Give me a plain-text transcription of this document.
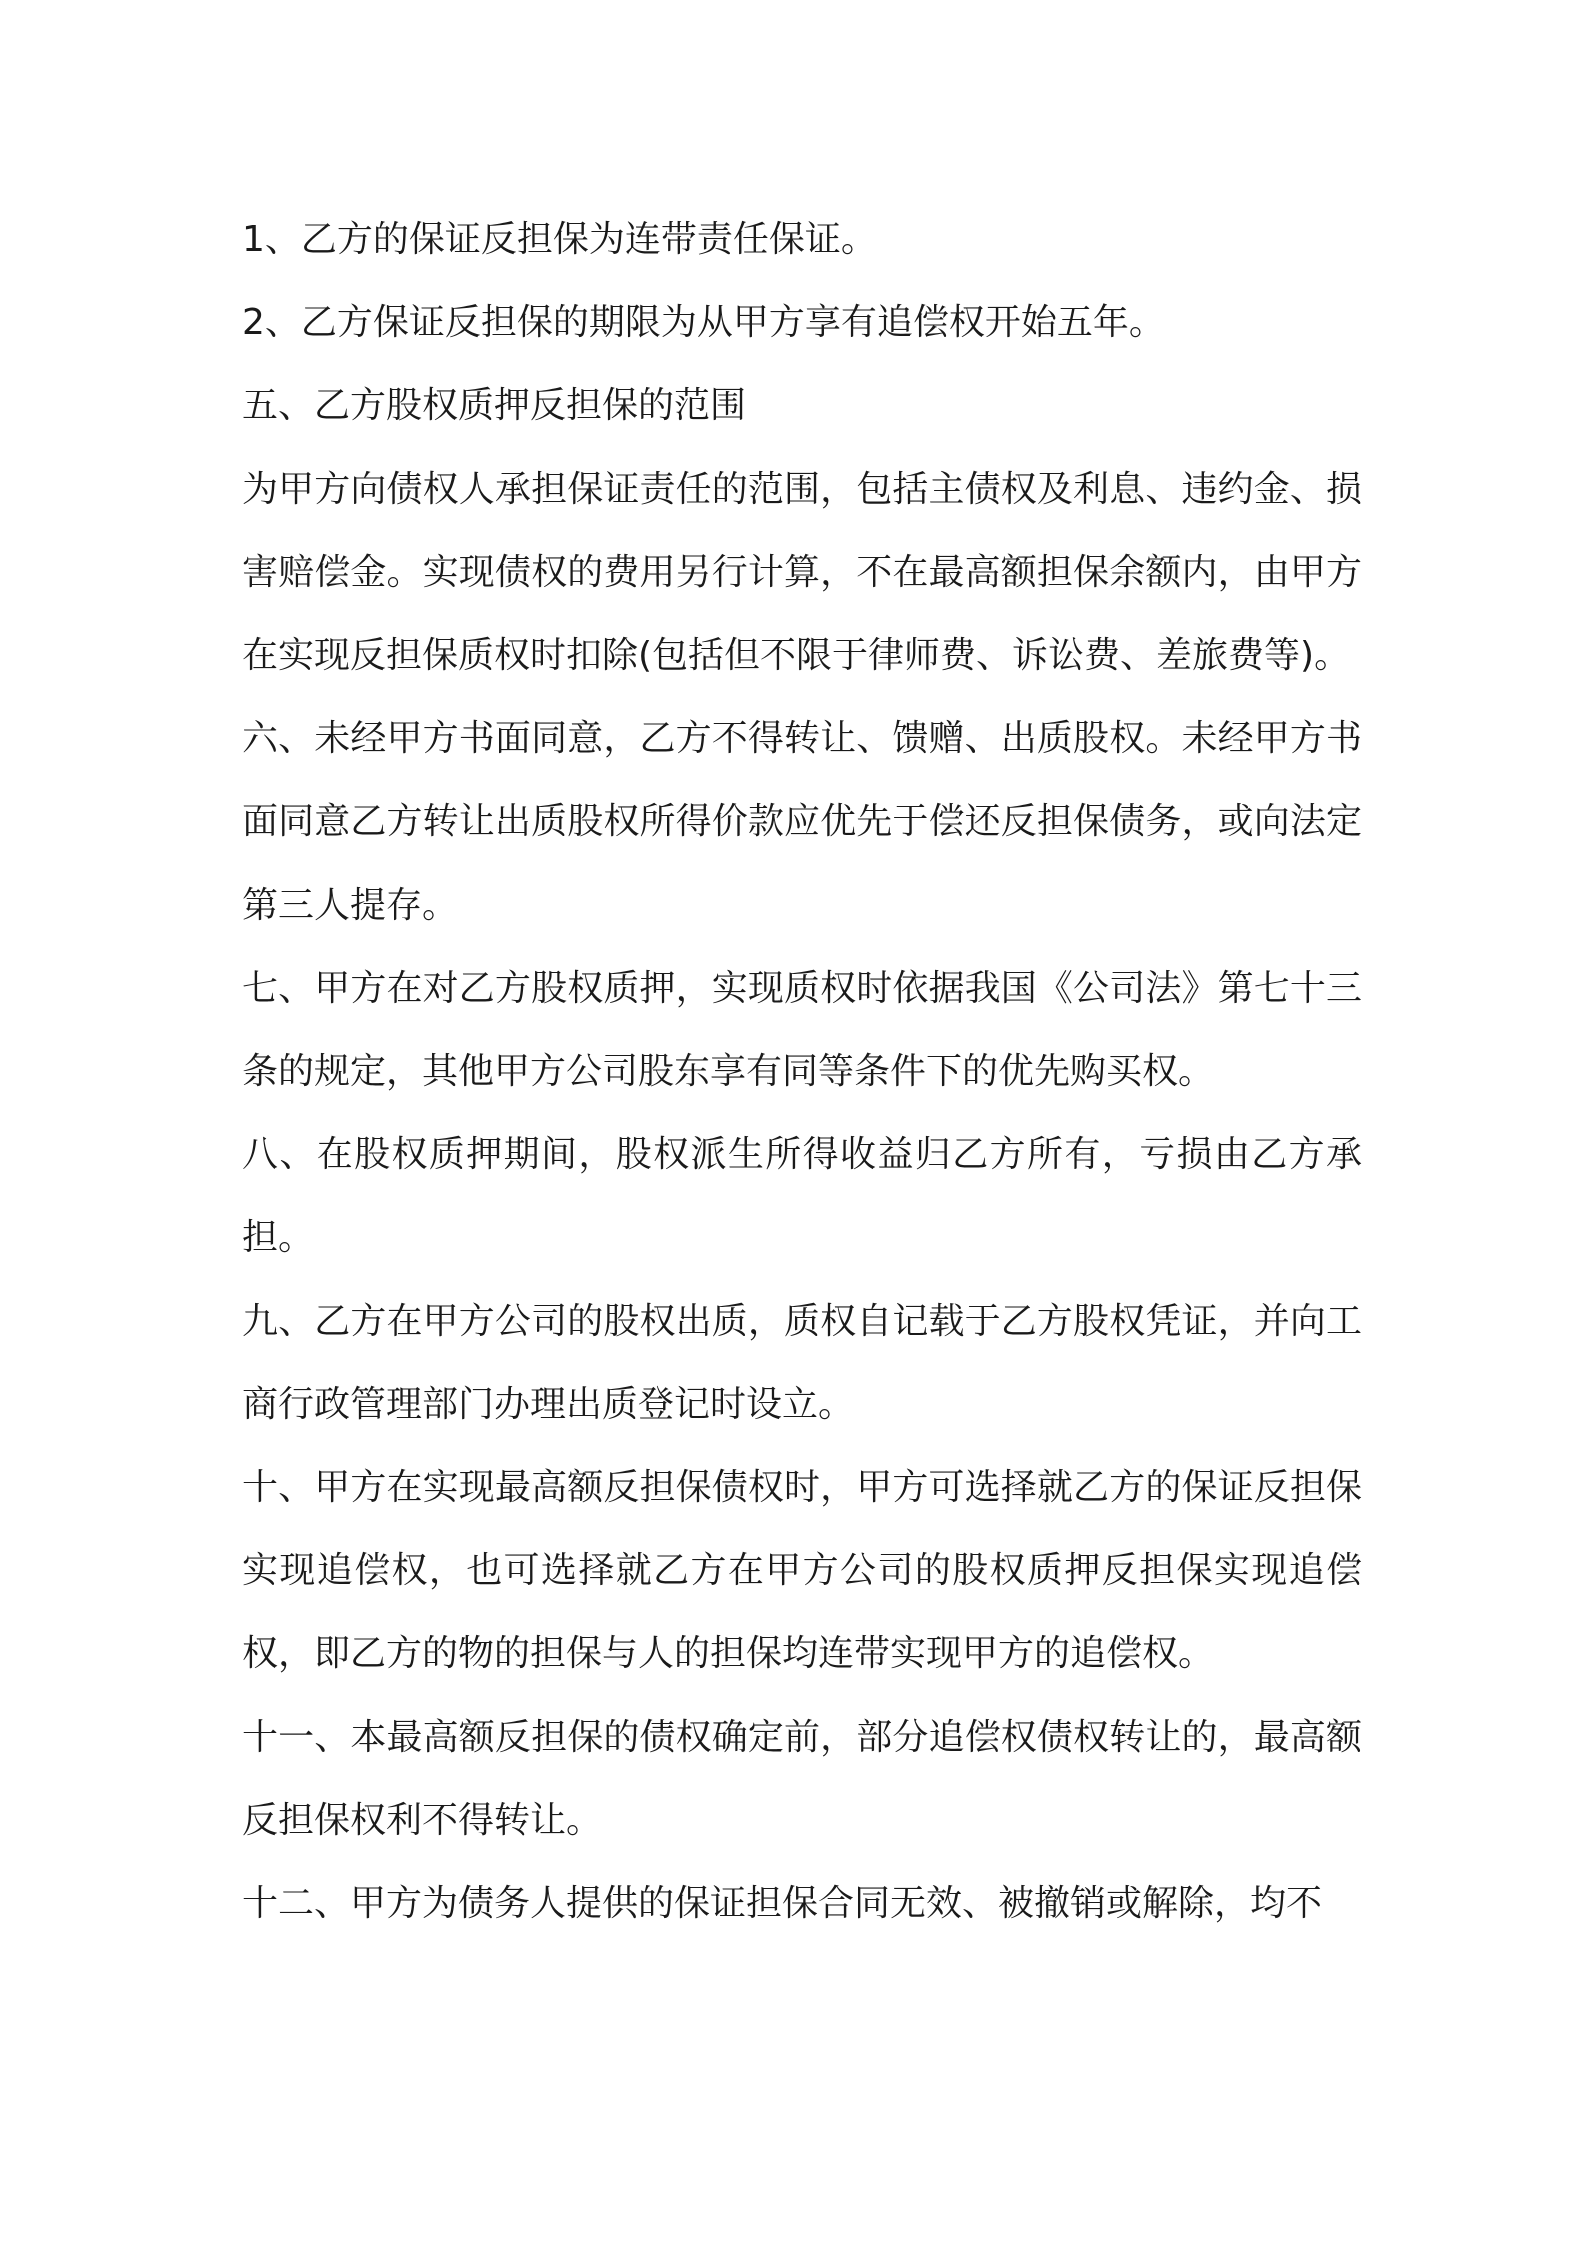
1、乙方的保证反担保为连带责任保证。

2、乙方保证反担保的期限为从甲方享有追偿权开始五年。

五、乙方股权质押反担保的范围

为甲方向债权人承担保证责任的范围，包括主债权及利息、违约金、损害赔偿金。实现债权的费用另行计算，不在最高额担保余额内，由甲方在实现反担保质权时扣除(包括但不限于律师费、诉讼费、差旅费等)。

六、未经甲方书面同意，乙方不得转让、馈赠、出质股权。未经甲方书面同意乙方转让出质股权所得价款应优先于偿还反担保债务，或向法定第三人提存。

七、甲方在对乙方股权质押，实现质权时依据我国《公司法》第七十三条的规定，其他甲方公司股东享有同等条件下的优先购买权。

八、在股权质押期间，股权派生所得收益归乙方所有，亏损由乙方承担。

九、乙方在甲方公司的股权出质，质权自记载于乙方股权凭证，并向工商行政管理部门办理出质登记时设立。

十、甲方在实现最高额反担保债权时，甲方可选择就乙方的保证反担保实现追偿权，也可选择就乙方在甲方公司的股权质押反担保实现追偿权，即乙方的物的担保与人的担保均连带实现甲方的追偿权。

十一、本最高额反担保的债权确定前，部分追偿权债权转让的，最高额反担保权利不得转让。

十二、甲方为债务人提供的保证担保合同无效、被撤销或解除，均不
